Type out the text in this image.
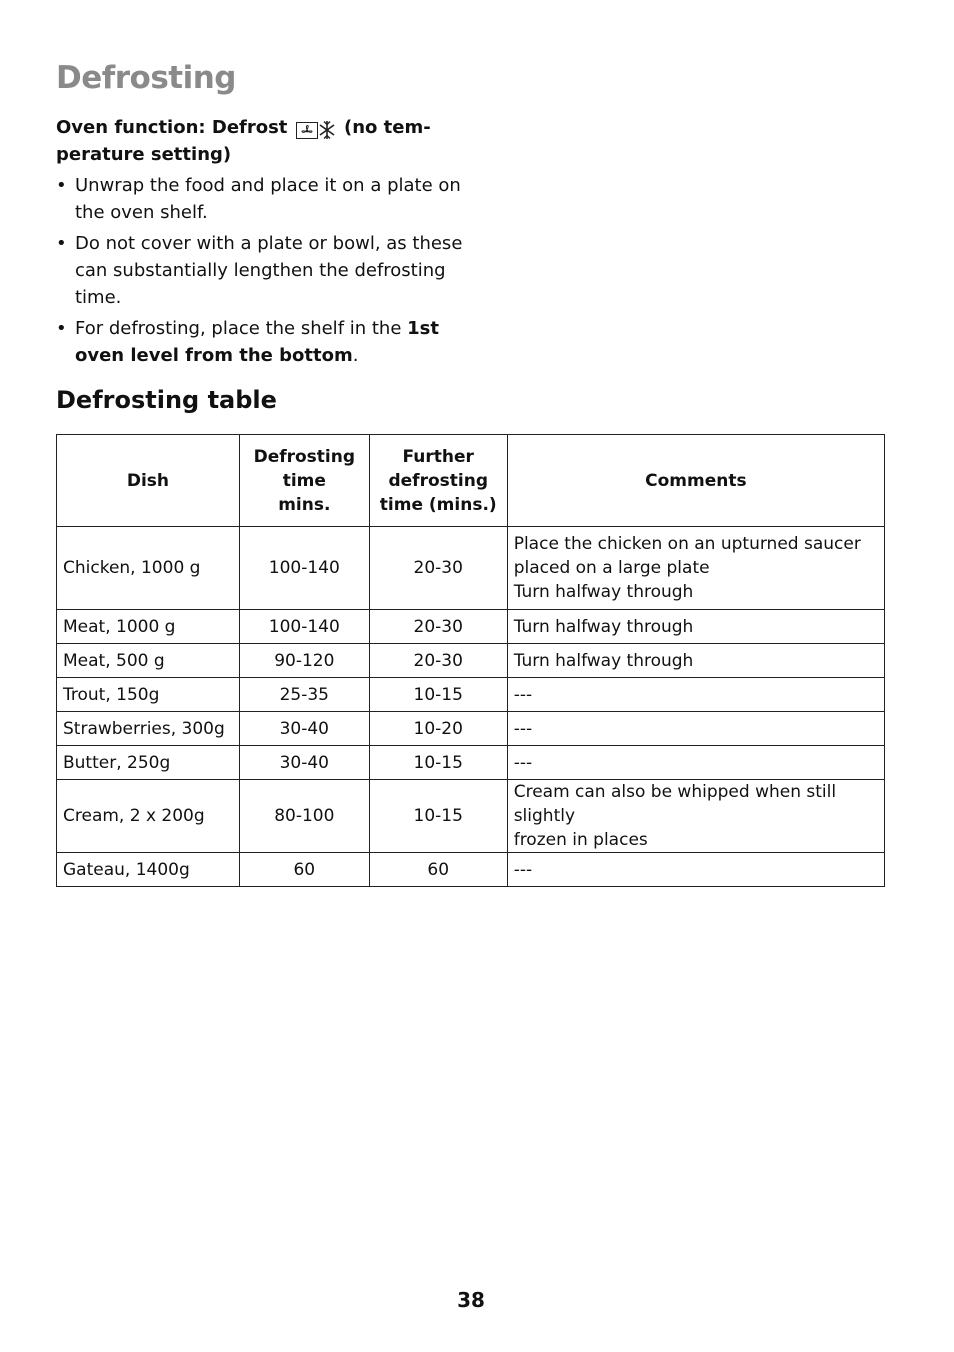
Defrosting

Oven function: Defrost	(no tem-perature setting)

• Unwrap the food and place it on a plate on the oven shelf.
• Do not cover with a plate or bowl, as these can substantially lengthen the defrosting time.
• For defrosting, place the shelf in the 1st oven level from the bottom.
Defrosting table
Dish	Defrosting
time
mins.	Further
defrosting
time (mins.)	Comments
Chicken, 1000 g	100-140	20-30	Place the chicken on an upturned saucer
placed on a large plate
Turn halfway through

Meat, 1000 g	100-140	20-30	Turn halfway through
Meat, 500 g	90-120	20-30	Turn halfway through
Trout, 150g	25-35	10-15	---
Strawberries, 300g	30-40	10-20	---
Butter, 250g	30-40	10-15	---
Cream, 2 x 200g	80-100	10-15	Cream can also be whipped when still slightly
frozen in places

Gateau, 1400g	60	60	---
38
